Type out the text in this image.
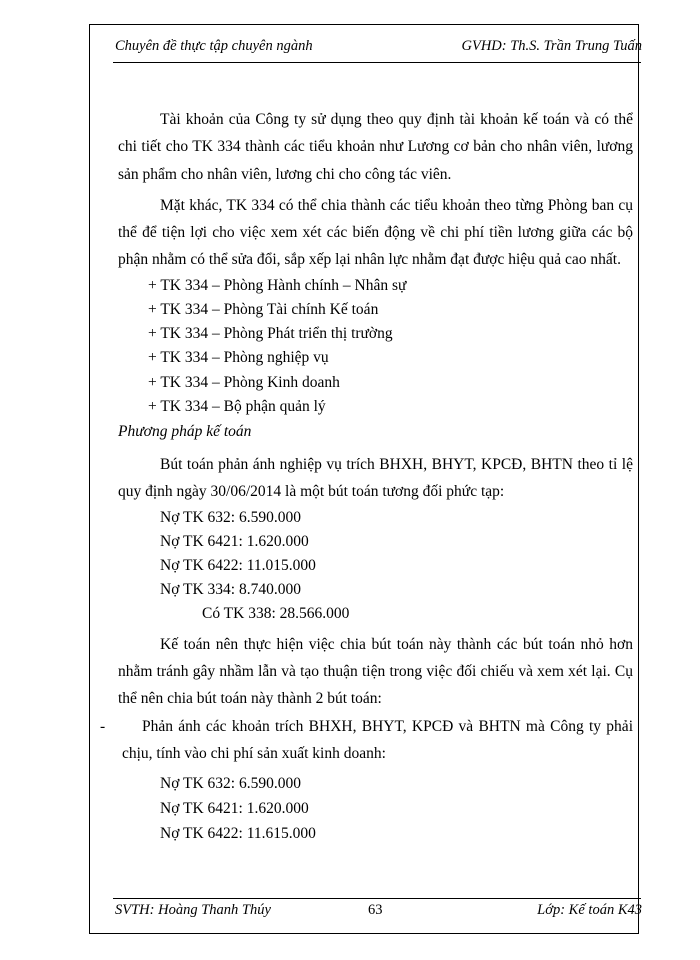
Chuyên đề thực tập chuyên ngành	GVHD: Th.S. Trần Trung Tuấn

Tài khoản của Công ty sử dụng theo quy định tài khoản kế toán và có thể chi tiết cho TK 334 thành các tiểu khoản như Lương cơ bản cho nhân viên, lương sản phẩm cho nhân viên, lương chi cho công tác viên.

Mặt khác, TK 334 có thể chia thành các tiểu khoản theo từng Phòng ban cụ thể để tiện lợi cho việc xem xét các biến động về chi phí tiền lương giữa các bộ phận nhằm có thể sửa đổi, sắp xếp lại nhân lực nhằm đạt được hiệu quả cao nhất.

+ TK 334 – Phòng Hành chính – Nhân sự

+ TK 334 – Phòng Tài chính Kế toán

+ TK 334 – Phòng Phát triển thị trường

+ TK 334 – Phòng nghiệp vụ

+ TK 334 – Phòng Kinh doanh

+ TK 334 – Bộ phận quản lý

Phương pháp kế toán

Bút toán phản ánh nghiệp vụ trích BHXH, BHYT, KPCĐ, BHTN theo tỉ lệ quy định ngày 30/06/2014 là một bút toán tương đối phức tạp:

Nợ TK 632: 6.590.000

Nợ TK 6421: 1.620.000

Nợ TK 6422: 11.015.000

Nợ TK 334: 8.740.000

Có TK 338: 28.566.000

Kế toán nên thực hiện việc chia bút toán này thành các bút toán nhỏ hơn nhằm tránh gây nhầm lẫn và tạo thuận tiện trong việc đối chiếu và xem xét lại. Cụ thể nên chia bút toán này thành 2 bút toán:

- Phản ánh các khoản trích BHXH, BHYT, KPCĐ và BHTN mà Công ty phải chịu, tính vào chi phí sản xuất kinh doanh:

Nợ TK 632: 6.590.000

Nợ TK 6421: 1.620.000

Nợ TK 6422: 11.615.000

SVTH: Hoàng Thanh Thúy	63	Lớp: Kế toán K43
